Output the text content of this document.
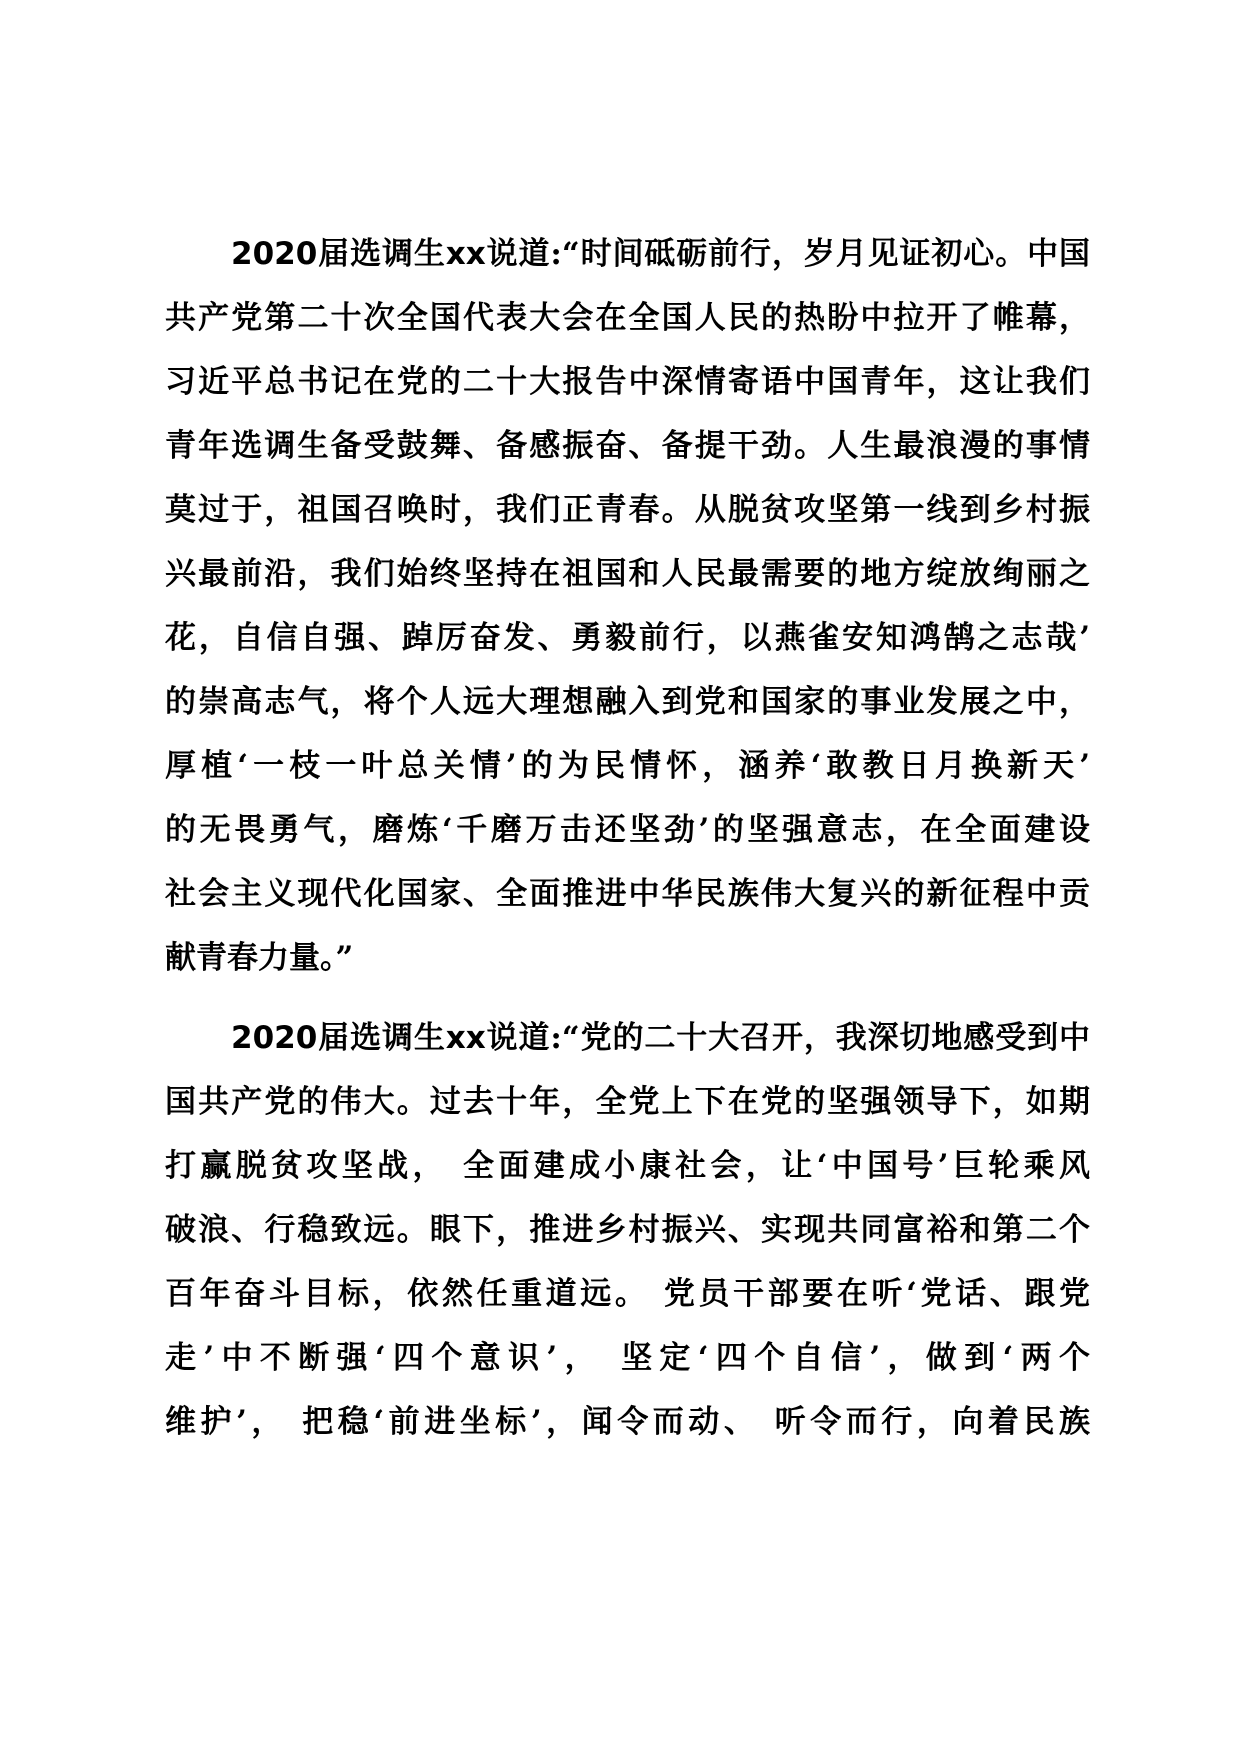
2020届选调生xx说道:“时间砥砺前行，岁月见证初心。中国
共产党第二十次全国代表大会在全国人民的热盼中拉开了帷幕，
习近平总书记在党的二十大报告中深情寄语中国青年，这让我们
青年选调生备受鼓舞、备感振奋、备提干劲。人生最浪漫的事情
莫过于，祖国召唤时，我们正青春。从脱贫攻坚第一线到乡村振
兴最前沿，我们始终坚持在祖国和人民最需要的地方绽放绚丽之
花，自信自强、踔厉奋发、勇毅前行，以燕雀安知鸿鹄之志哉’
的崇高志气，将个人远大理想融入到党和国家的事业发展之中，
厚植‘一枝一叶总关情’的为民情怀，涵养‘敢教日月换新天’
的无畏勇气，磨炼‘千磨万击还坚劲’的坚强意志，在全面建设
社会主义现代化国家、全面推进中华民族伟大复兴的新征程中贡
献青春力量。”

2020届选调生xx说道:“党的二十大召开，我深切地感受到中
国共产党的伟大。过去十年，全党上下在党的坚强领导下，如期
打赢脱贫攻坚战， 全面建成小康社会，让‘中国号’巨轮乘风
破浪、行稳致远。眼下，推进乡村振兴、实现共同富裕和第二个
百年奋斗目标，依然任重道远。 党员干部要在听‘党话、跟党
走’中不断强‘四个意识’， 坚定‘四个自信’，做到‘两个
维护’， 把稳‘前进坐标’，闻令而动、 听令而行，向着民族
